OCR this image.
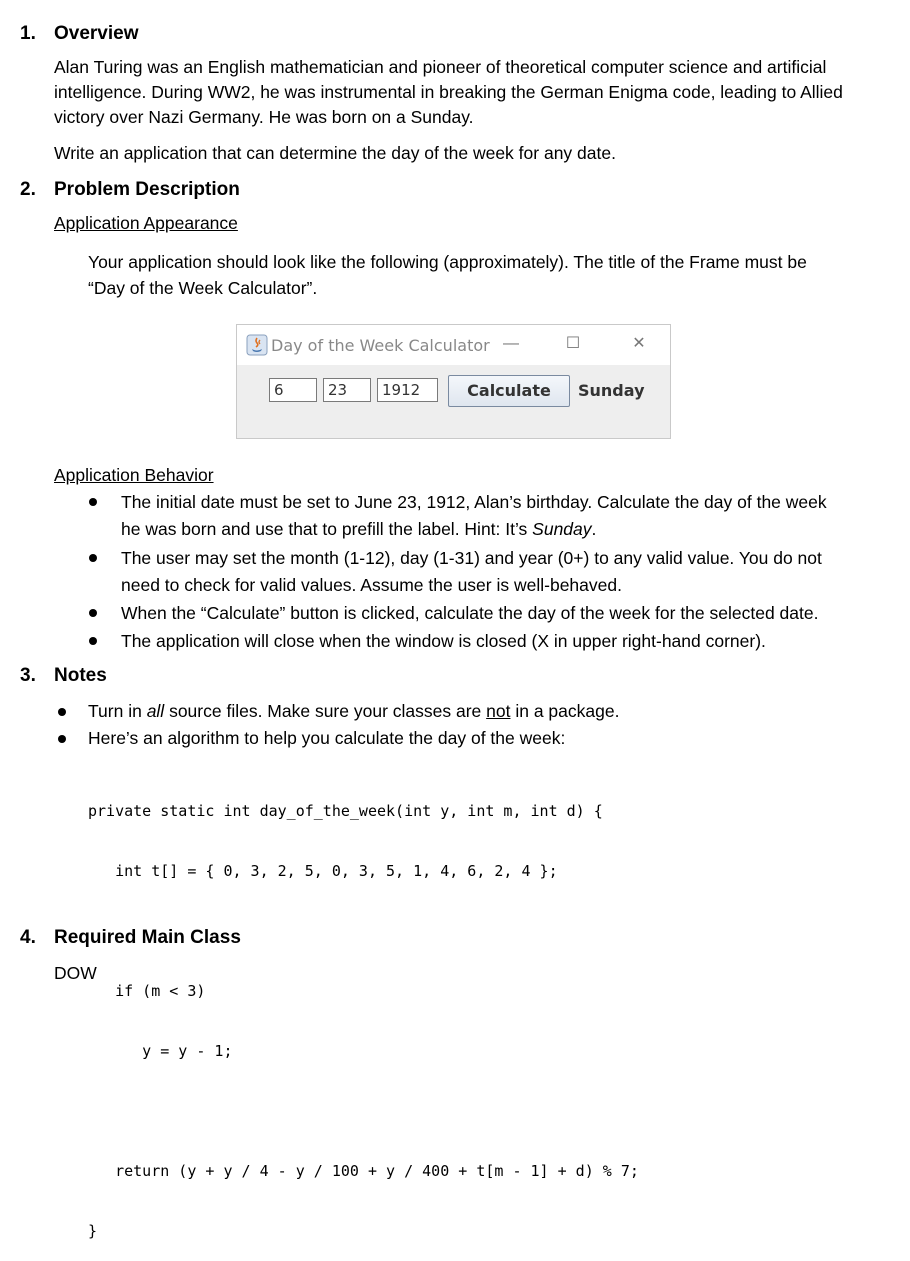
1. Overview
Alan Turing was an English mathematician and pioneer of theoretical computer science and artificial
intelligence. During WW2, he was instrumental in breaking the German Enigma code, leading to Allied
victory over Nazi Germany. He was born on a Sunday.
Write an application that can determine the day of the week for any date.
2. Problem Description
Application Appearance
Your application should look like the following (approximately). The title of the Frame must be
“Day of the Week Calculator”.
Day of the Week Calculator —	☐	✕
6	23	1912	Calculate	Sunday
Application Behavior
The initial date must be set to June 23, 1912, Alan’s birthday. Calculate the day of the week
he was born and use that to prefill the label. Hint: It’s Sunday.
The user may set the month (1-12), day (1-31) and year (0+) to any valid value. You do not
need to check for valid values. Assume the user is well-behaved.
When the “Calculate” button is clicked, calculate the day of the week for the selected date.
The application will close when the window is closed (X in upper right-hand corner).
3. Notes
Turn in all source files. Make sure your classes are not in a package.
Here’s an algorithm to help you calculate the day of the week:

private static int day_of_the_week(int y, int m, int d) {

int t[] = { 0, 3, 2, 5, 0, 3, 5, 1, 4, 6, 2, 4 };

if (m < 3)

y = y - 1;

return (y + y / 4 - y / 100 + y / 400 + t[m - 1] + d) % 7;

}

4. Required Main Class
DOW
